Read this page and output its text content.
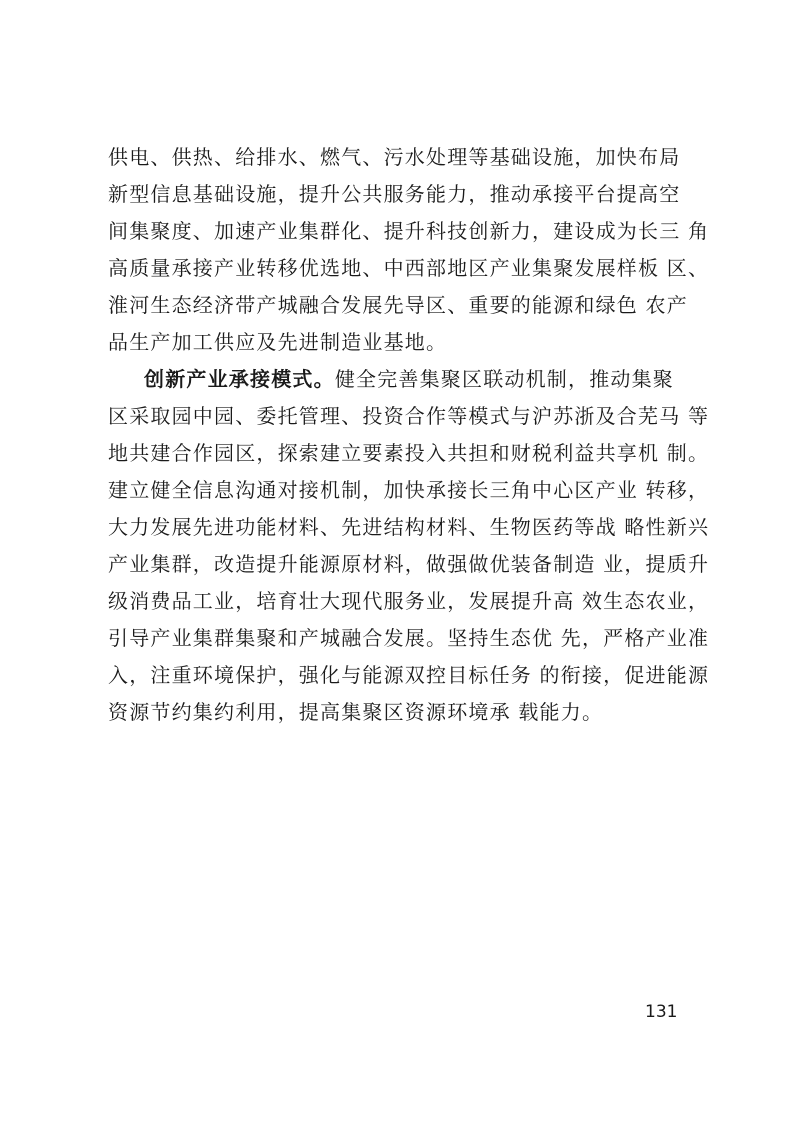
供电、供热、给排水、燃气、污水处理等基础设施，加快布局
新型信息基础设施，提升公共服务能力，推动承接平台提高空
间集聚度、加速产业集群化、提升科技创新力，建设成为长三 角
高质量承接产业转移优选地、中西部地区产业集聚发展样板 区、
淮河生态经济带产城融合发展先导区、重要的能源和绿色 农产
品生产加工供应及先进制造业基地。
创新产业承接模式。健全完善集聚区联动机制，推动集聚
区采取园中园、委托管理、投资合作等模式与沪苏浙及合芜马 等
地共建合作园区，探索建立要素投入共担和财税利益共享机 制。
建立健全信息沟通对接机制，加快承接长三角中心区产业 转移，
大力发展先进功能材料、先进结构材料、生物医药等战 略性新兴
产业集群，改造提升能源原材料，做强做优装备制造 业，提质升
级消费品工业，培育壮大现代服务业，发展提升高 效生态农业，
引导产业集群集聚和产城融合发展。坚持生态优 先，严格产业准
入，注重环境保护，强化与能源双控目标任务 的衔接，促进能源
资源节约集约利用，提高集聚区资源环境承 载能力。
131
